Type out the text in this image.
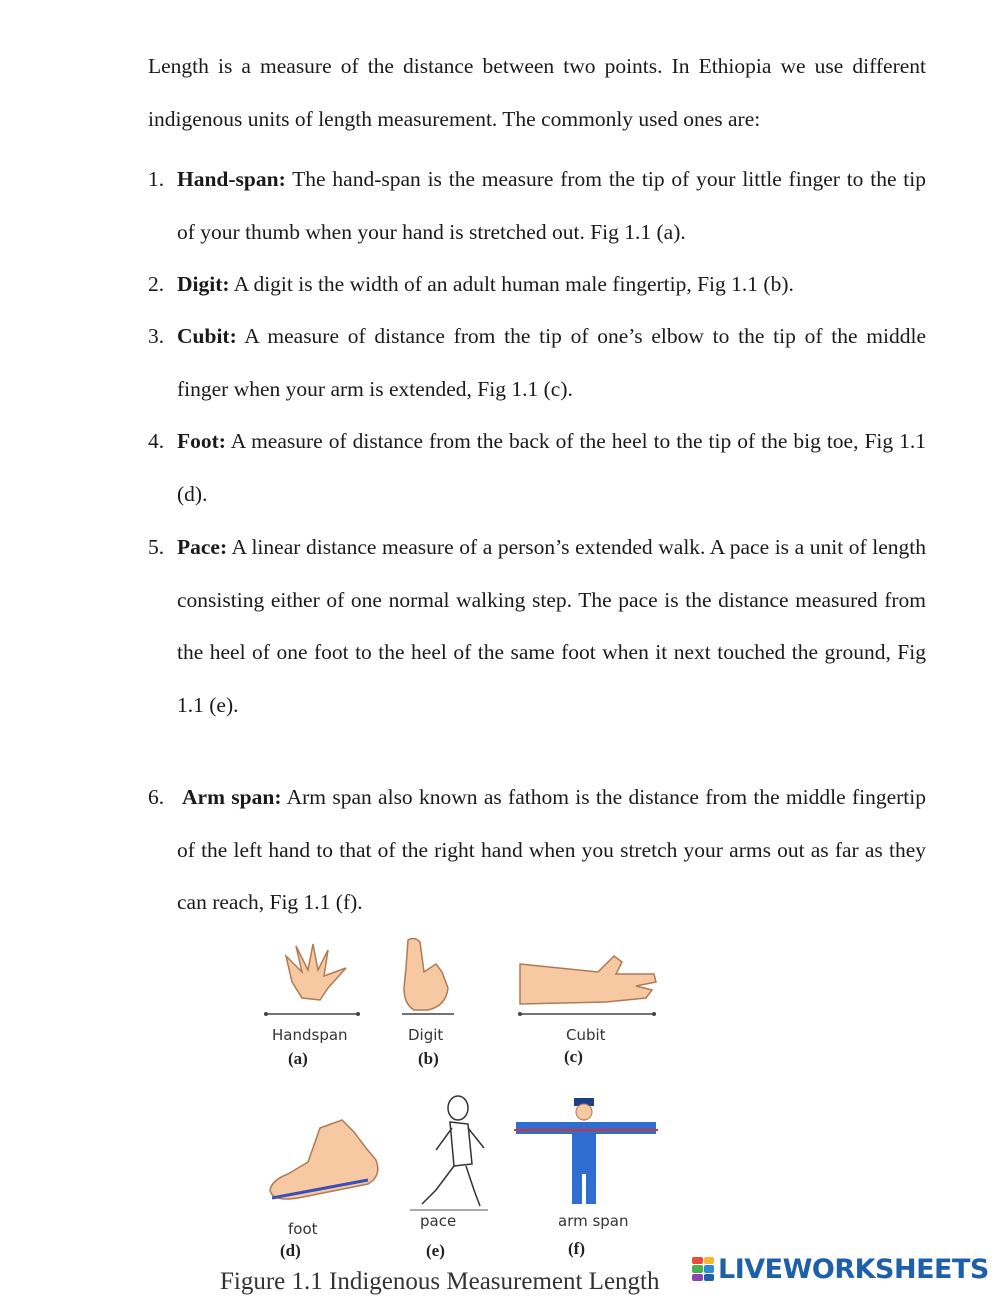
Length is a measure of the distance between two points. In Ethiopia we use different indigenous units of length measurement. The commonly used ones are:

1. Hand-span: The hand-span is the measure from the tip of your little finger to the tip of your thumb when your hand is stretched out. Fig 1.1 (a).
2. Digit: A digit is the width of an adult human male fingertip, Fig 1.1 (b).
3. Cubit: A measure of distance from the tip of one’s elbow to the tip of the middle finger when your arm is extended, Fig 1.1 (c).
4. Foot: A measure of distance from the back of the heel to the tip of the big toe, Fig 1.1 (d).
5. Pace: A linear distance measure of a person’s extended walk. A pace is a unit of length consisting either of one normal walking step. The pace is the distance measured from the heel of one foot to the heel of the same foot when it next touched the ground, Fig 1.1 (e).
6. Arm span: Arm span also known as fathom is the distance from the middle fingertip of the left hand to that of the right hand when you stretch your arms out as far as they can reach, Fig 1.1 (f).
Handspan
(a)
Digit
(b)
Cubit
(c)
foot
(d)
pace
(e)
arm span
(f)
Figure 1.1 Indigenous Measurement Length LIVEWORKSHEETS
